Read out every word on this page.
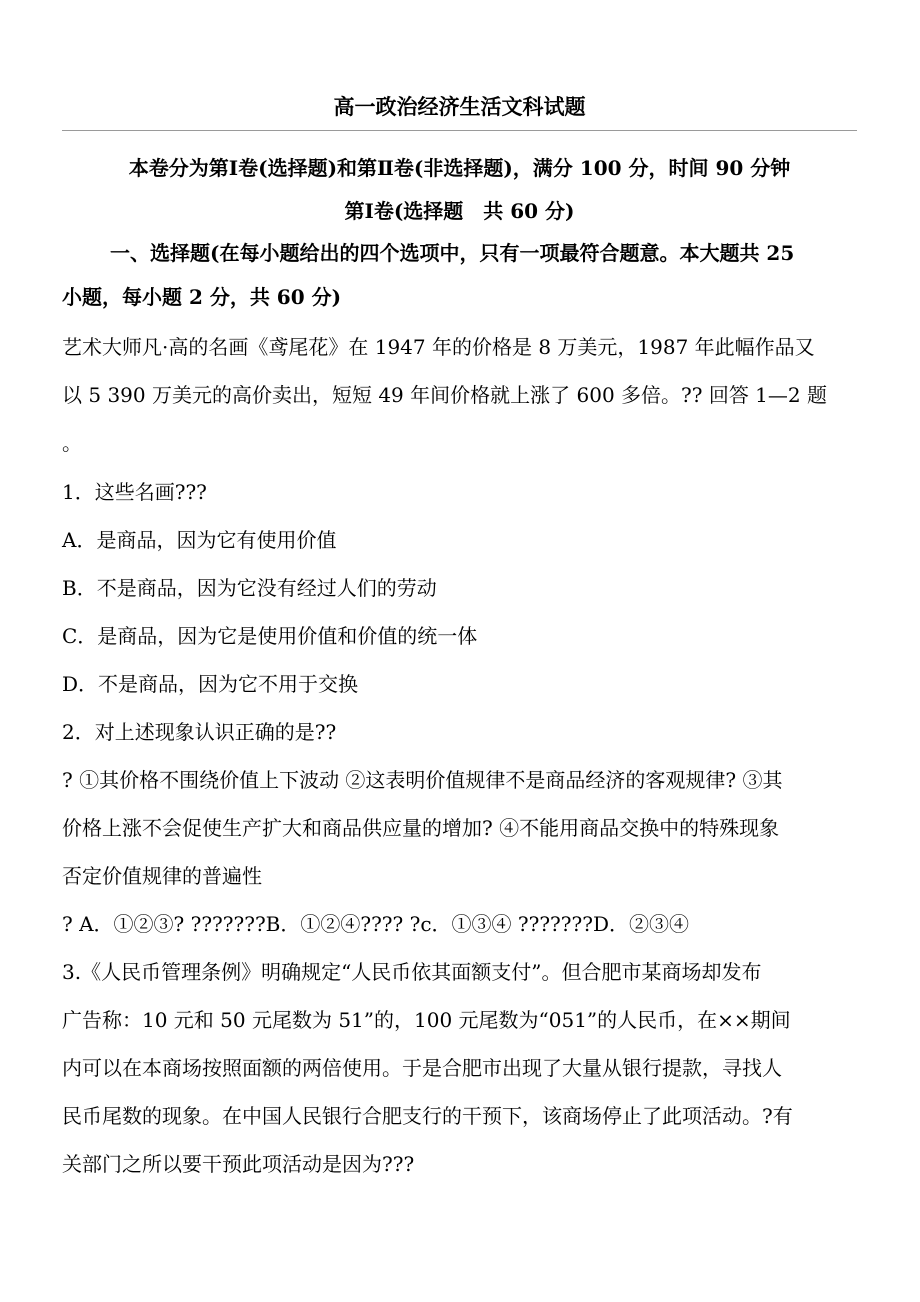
高一政治经济生活文科试题
本卷分为第Ⅰ卷(选择题)和第Ⅱ卷(非选择题)，满分 100 分，时间 90 分钟
第Ⅰ卷(选择题　共 60 分)
一、选择题(在每小题给出的四个选项中，只有一项最符合题意。本大题共 25
小题，每小题 2 分，共 60 分)
艺术大师凡·高的名画《鸢尾花》在 1947 年的价格是 8 万美元，1987 年此幅作品又
以 5 390 万美元的高价卖出，短短 49 年间价格就上涨了 600 多倍。?? 回答 1—2 题
。
1．这些名画???
A．是商品，因为它有使用价值
B．不是商品，因为它没有经过人们的劳动
C．是商品，因为它是使用价值和价值的统一体
D．不是商品，因为它不用于交换
2．对上述现象认识正确的是??
? ①其价格不围绕价值上下波动 ②这表明价值规律不是商品经济的客观规律? ③其
价格上涨不会促使生产扩大和商品供应量的增加? ④不能用商品交换中的特殊现象
否定价值规律的普遍性
? A．①②③? ???????B．①②④???? ?c．①③④ ???????D．②③④
3.《人民币管理条例》明确规定“人民币依其面额支付”。但合肥市某商场却发布
广告称：10 元和 50 元尾数为 51”的，100 元尾数为“051”的人民币，在××期间
内可以在本商场按照面额的两倍使用。于是合肥市出现了大量从银行提款，寻找人
民币尾数的现象。在中国人民银行合肥支行的干预下，该商场停止了此项活动。?有
关部门之所以要干预此项活动是因为???
